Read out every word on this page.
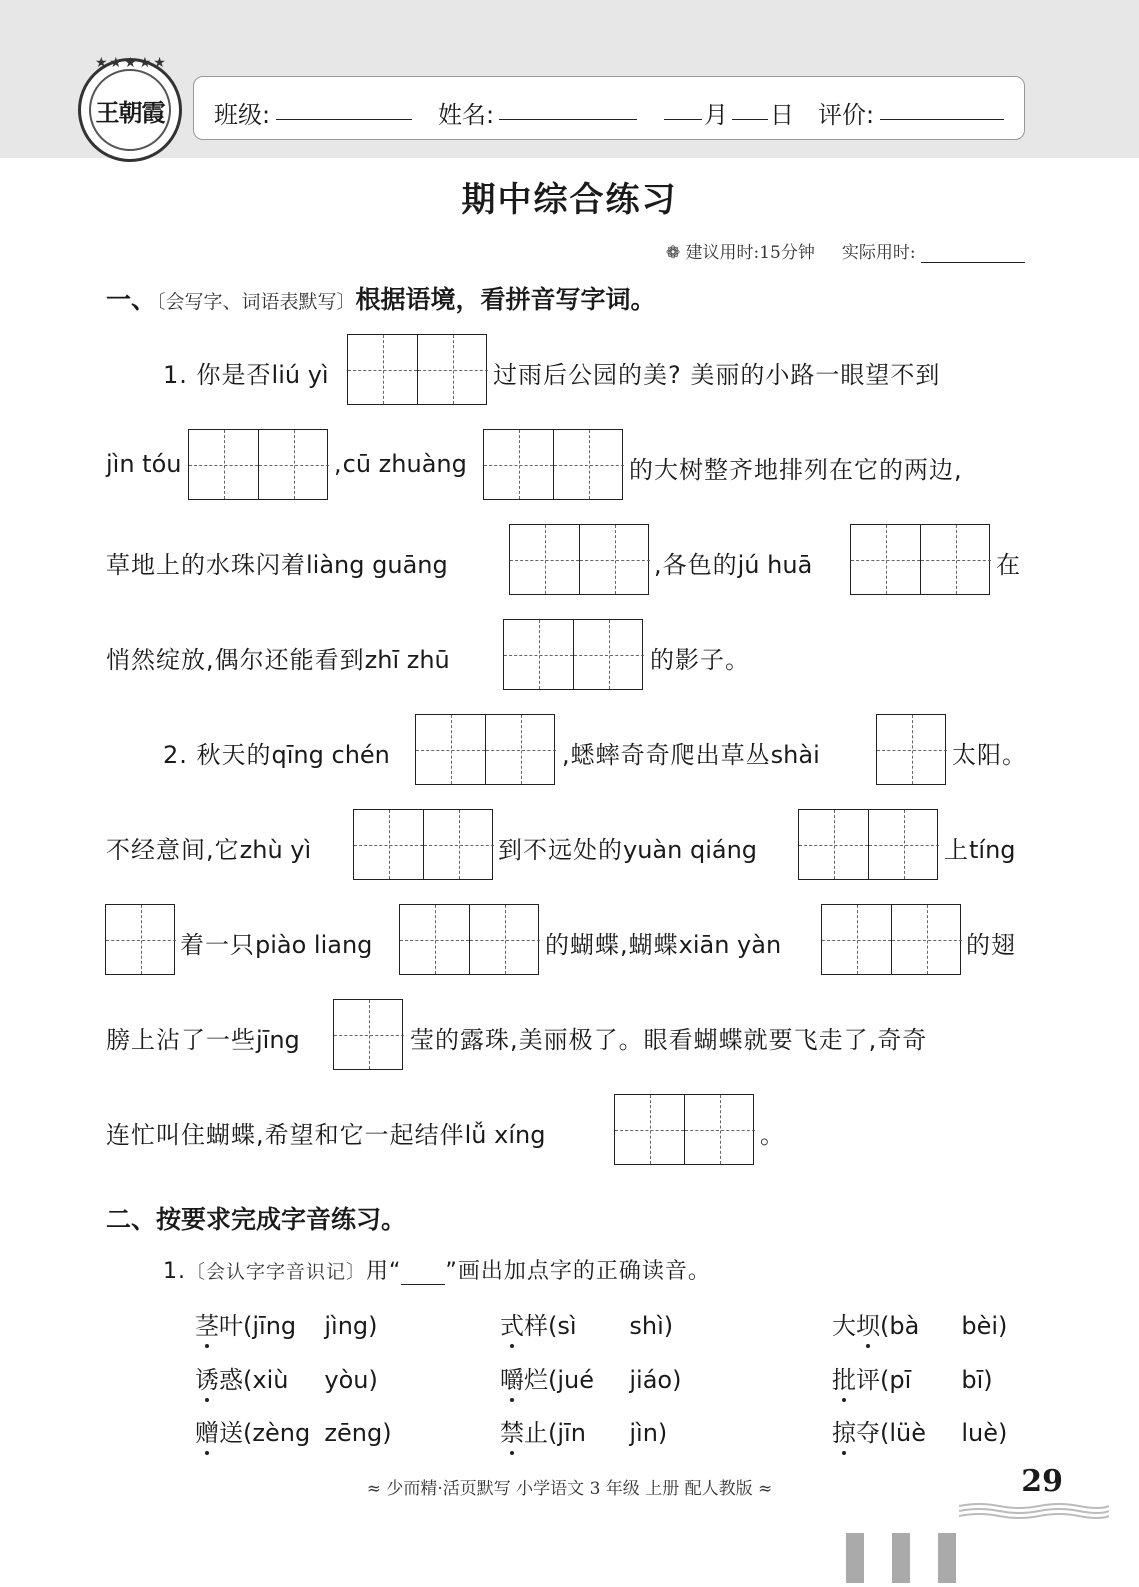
★★★★★
王朝霞 班级:	姓名:	月 日 评价:
期中综合练习
❁ 建议用时:15分钟 实际用时:
一、〔会写字、词语表默写〕根据语境，看拼音写字词。
1. 你是否liú yì	过雨后公园的美? 美丽的小路一眼望不到
jìn tóu	,cū zhuàng	的大树整齐地排列在它的两边,
草地上的水珠闪着liàng guāng	,各色的jú huā	在
悄然绽放,偶尔还能看到zhī zhū	的影子。
2. 秋天的qīng chén	,蟋蟀奇奇爬出草丛shài	太阳。
不经意间,它zhù yì	到不远处的yuàn qiáng	上tíng
着一只piào liang	的蝴蝶,蝴蝶xiān yàn	的翅
膀上沾了一些jīng	莹的露珠,美丽极了。眼看蝴蝶就要飞走了,奇奇
连忙叫住蝴蝶,希望和它一起结伴lǚ xíng	。
二、按要求完成字音练习。
1.〔会认字字音识记〕用“ ”画出加点字的正确读音。
茎叶(jīng jìng)	式样(sì shì)	大坝(bà bèi)
诱惑(xiù yòu)	嚼烂(jué jiáo)	批评(pī bī)
赠送(zèng zēng)	禁止(jīn jìn)	掠夺(lüè luè)
≈ 少而精·活页默写 小学语文 3 年级 上册 配人教版 ≈	29
